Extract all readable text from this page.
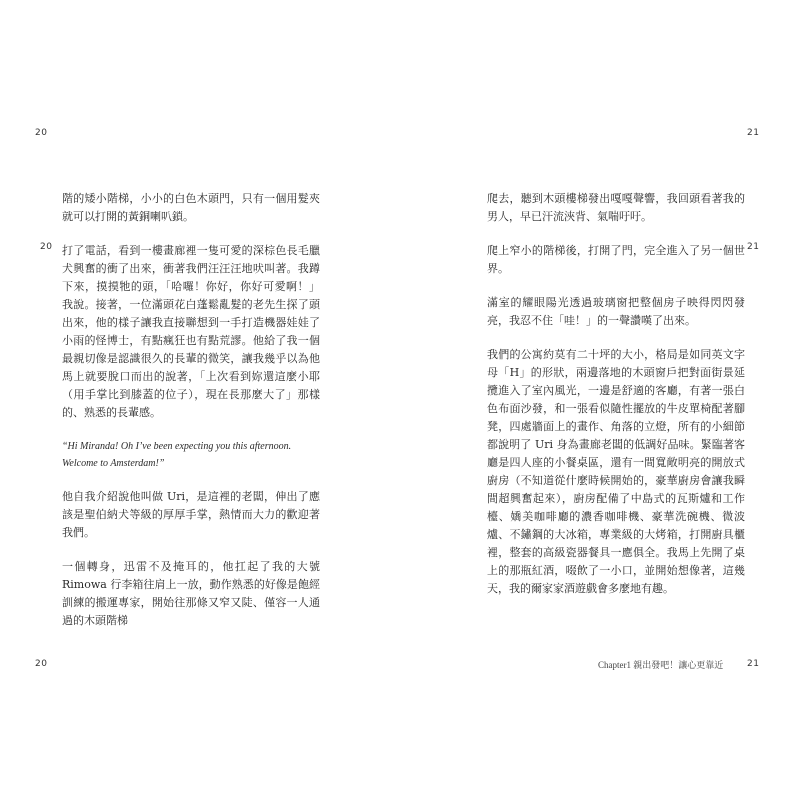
20
20
20
21
21
21

階的矮小階梯，小小的白色木頭門，只有一個用髮夾就可以打開的黃銅喇叭鎖。

打了電話，看到一樓畫廊裡一隻可愛的深棕色長毛臘犬興奮的衝了出來，衝著我們汪汪汪地吠叫著。我蹲下來，摸摸牠的頭，「哈囉！你好，你好可愛啊！」我說。接著，一位滿頭花白蓬鬆亂髮的老先生探了頭出來，他的樣子讓我直接聯想到一手打造機器娃娃了小雨的怪博士，有點瘋狂也有點荒謬。他給了我一個最親切像是認識很久的長輩的微笑，讓我幾乎以為他馬上就要脫口而出的說著，「上次看到妳還這麼小耶（用手掌比到膝蓋的位子），現在長那麼大了」那樣的、熟悉的長輩感。

“Hi Miranda! Oh I’ve been expecting you this afternoon. Welcome to Amsterdam!”

他自我介紹說他叫做 Uri，是這裡的老闆，伸出了應該是聖伯納犬等級的厚厚手掌，熱情而大力的歡迎著我們。

一個轉身，迅雷不及掩耳的，他扛起了我的大號 Rimowa 行李箱往肩上一放，動作熟悉的好像是飽經訓練的搬運專家，開始往那條又窄又陡、僅容一人通過的木頭階梯

爬去，聽到木頭樓梯發出嘎嘎聲響，我回頭看著我的男人，早已汗流浹背、氣喘吁吁。

爬上窄小的階梯後，打開了門，完全進入了另一個世界。

滿室的耀眼陽光透過玻璃窗把整個房子映得閃閃發亮，我忍不住「哇！」的一聲讚嘆了出來。

我們的公寓約莫有二十坪的大小，格局是如同英文字母「H」的形狀，兩邊落地的木頭窗戶把對面街景延攬進入了室內風光，一邊是舒適的客廳，有著一張白色布面沙發，和一張看似隨性擺放的牛皮單椅配著腳凳，四處牆面上的畫作、角落的立燈，所有的小細節都說明了 Uri 身為畫廊老闆的低調好品味。緊臨著客廳是四人座的小餐桌區，還有一間寬敞明亮的開放式廚房（不知道從什麼時候開始的，豪華廚房會讓我瞬間超興奮起來），廚房配備了中島式的瓦斯爐和工作檯、嬌美咖啡廳的濃香咖啡機、豪華洗碗機、微波爐、不鏽鋼的大冰箱，專業級的大烤箱，打開廚具櫃裡，整套的高級瓷器餐具一應俱全。我馬上先開了桌上的那瓶紅酒，啜飲了一小口，並開始想像著，這幾天，我的爾家家酒遊戲會多麼地有趣。

Chapter1 親出發吧！讓心更靠近
